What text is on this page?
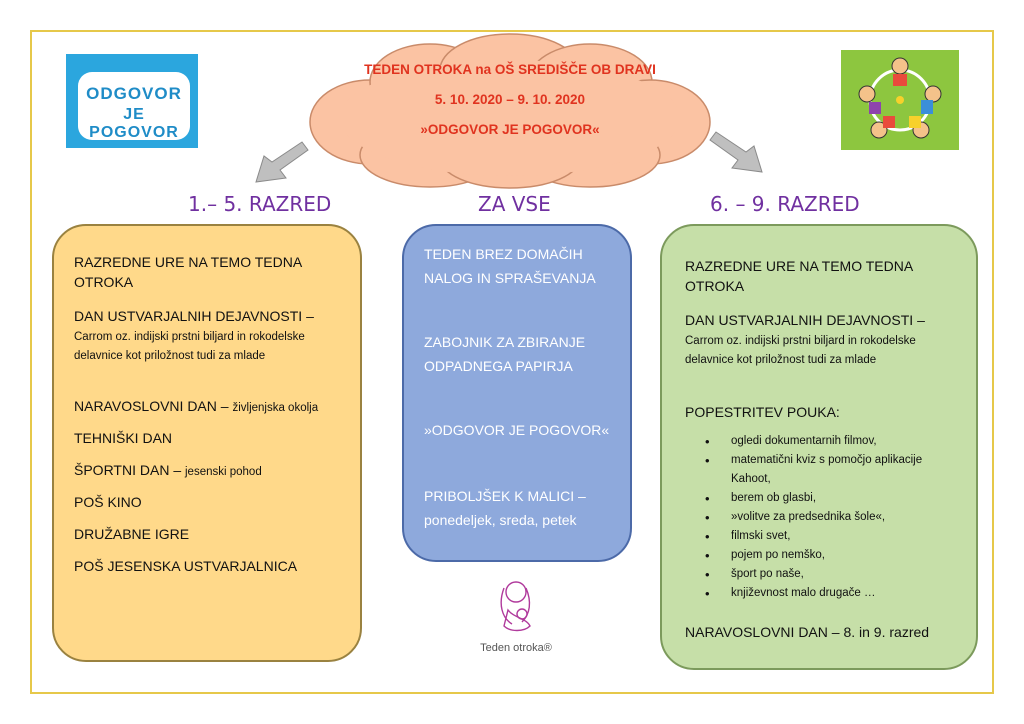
ODGOVOR
JE POGOVOR
TEDEN OTROKA na OŠ SREDIŠČE OB DRAVI
5. 10. 2020 – 9. 10. 2020
»ODGOVOR JE POGOVOR«
1.– 5. RAZRED	ZA VSE	6. – 9. RAZRED
RAZREDNE URE NA TEMO TEDNA OTROKA
DAN USTVARJALNIH DEJAVNOSTI –
Carrom oz. indijski prstni biljard in rokodelske delavnice kot priložnost tudi za mlade
NARAVOSLOVNI DAN – življenjska okolja
TEHNIŠKI DAN
ŠPORTNI DAN – jesenski pohod
POŠ KINO
DRUŽABNE IGRE
POŠ JESENSKA USTVARJALNICA
TEDEN BREZ DOMAČIH NALOG IN SPRAŠEVANJA
ZABOJNIK ZA ZBIRANJE ODPADNEGA PAPIRJA
»ODGOVOR JE POGOVOR«
PRIBOLJŠEK K MALICI – ponedeljek, sreda, petek
Teden otroka®
RAZREDNE URE NA TEMO TEDNA OTROKA
DAN USTVARJALNIH DEJAVNOSTI –
Carrom oz. indijski prstni biljard in rokodelske delavnice kot priložnost tudi za mlade
POPESTRITEV POUKA:
• ogledi dokumentarnih filmov,
• matematični kviz s pomočjo aplikacije Kahoot,
• berem ob glasbi,
• »volitve za predsednika šole«,
• filmski svet,
• pojem po nemško,
• šport po naše,
• književnost malo drugače …
NARAVOSLOVNI DAN – 8. in 9. razred
